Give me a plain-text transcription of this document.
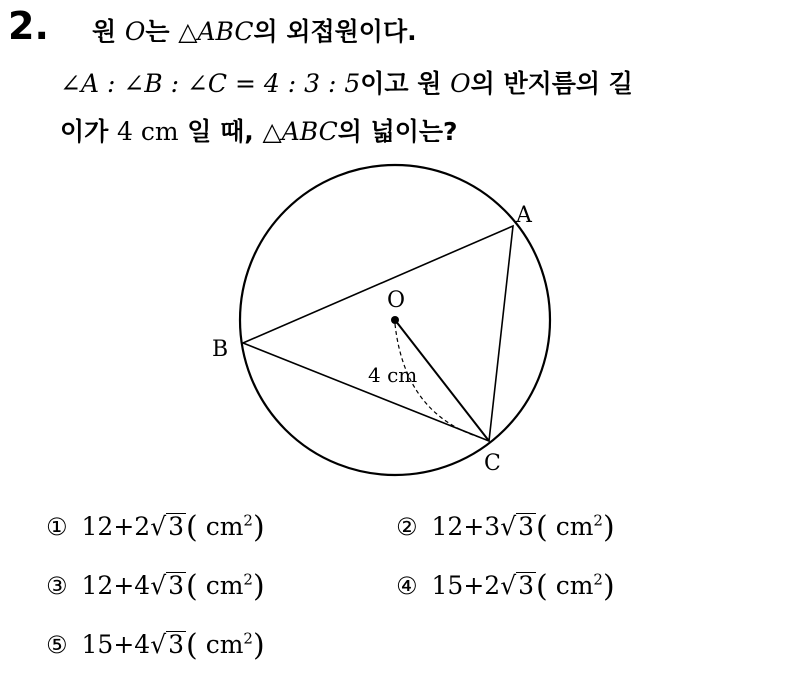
2. 원 O는 △ABC의 외접원이다.
∠A : ∠B : ∠C = 4 : 3 : 5이고 원 O의 반지름의 길
이가 4 cm 일 때, △ABC의 넓이는?
A
B
C
O
4 cm
① 12+2√3( $cm^2$)	② 12+3√3( $cm^2$)
③ 12+4√3( $cm^2$)	④ 15+2√3( $cm^2$)
⑤ 15+4√3( $cm^2$)
